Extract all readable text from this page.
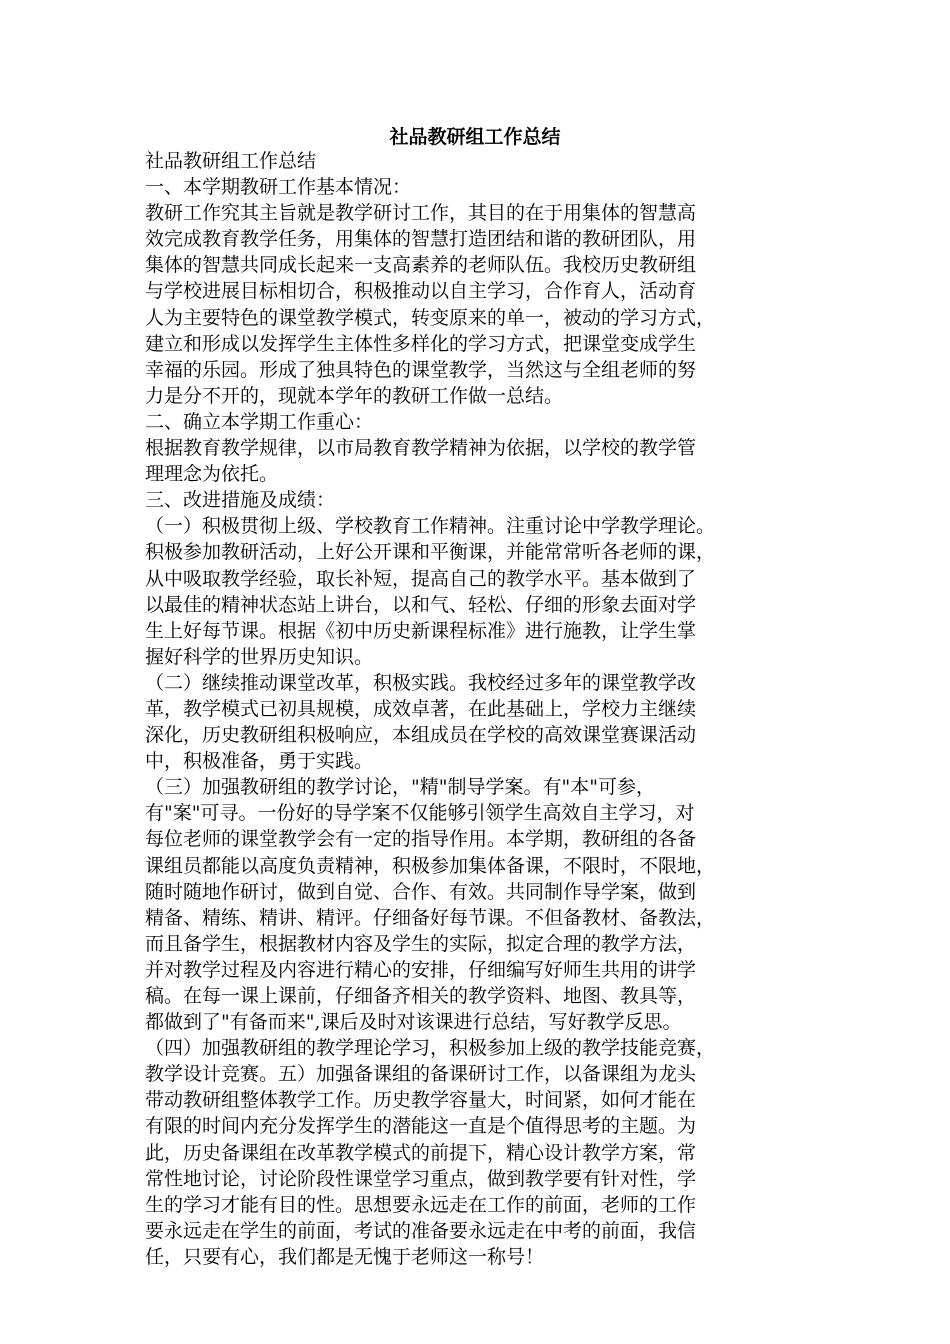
社品教研组工作总结
社品教研组工作总结
一、本学期教研工作基本情况：
教研工作究其主旨就是教学研讨工作，其目的在于用集体的智慧高
效完成教育教学任务，用集体的智慧打造团结和谐的教研团队，用
集体的智慧共同成长起来一支高素养的老师队伍。我校历史教研组
与学校进展目标相切合，积极推动以自主学习，合作育人，活动育
人为主要特色的课堂教学模式，转变原来的单一，被动的学习方式，
建立和形成以发挥学生主体性多样化的学习方式，把课堂变成学生
幸福的乐园。形成了独具特色的课堂教学，当然这与全组老师的努
力是分不开的，现就本学年的教研工作做一总结。
二、确立本学期工作重心：
根据教育教学规律，以市局教育教学精神为依据，以学校的教学管
理理念为依托。
三、改进措施及成绩：
（一）积极贯彻上级、学校教育工作精神。注重讨论中学教学理论。
积极参加教研活动，上好公开课和平衡课，并能常常听各老师的课，
从中吸取教学经验，取长补短，提高自己的教学水平。基本做到了
以最佳的精神状态站上讲台，以和气、轻松、仔细的形象去面对学
生上好每节课。根据《初中历史新课程标准》进行施教，让学生掌
握好科学的世界历史知识。
（二）继续推动课堂改革，积极实践。我校经过多年的课堂教学改
革，教学模式已初具规模，成效卓著，在此基础上，学校力主继续
深化，历史教研组积极响应，本组成员在学校的高效课堂赛课活动
中，积极准备，勇于实践。
（三）加强教研组的教学讨论，"精"制导学案。有"本"可参，
有"案"可寻。一份好的导学案不仅能够引领学生高效自主学习，对
每位老师的课堂教学会有一定的指导作用。本学期，教研组的各备
课组员都能以高度负责精神，积极参加集体备课，不限时，不限地，
随时随地作研讨，做到自觉、合作、有效。共同制作导学案，做到
精备、精练、精讲、精评。仔细备好每节课。不但备教材、备教法，
而且备学生，根据教材内容及学生的实际，拟定合理的教学方法，
并对教学过程及内容进行精心的安排，仔细编写好师生共用的讲学
稿。在每一课上课前，仔细备齐相关的教学资料、地图、教具等，
都做到了"有备而来",课后及时对该课进行总结，写好教学反思。
（四）加强教研组的教学理论学习，积极参加上级的教学技能竞赛，
教学设计竞赛。五）加强备课组的备课研讨工作，以备课组为龙头
带动教研组整体教学工作。历史教学容量大，时间紧，如何才能在
有限的时间内充分发挥学生的潜能这一直是个值得思考的主题。为
此，历史备课组在改革教学模式的前提下，精心设计教学方案，常
常性地讨论，讨论阶段性课堂学习重点，做到教学要有针对性，学
生的学习才能有目的性。思想要永远走在工作的前面，老师的工作
要永远走在学生的前面，考试的准备要永远走在中考的前面，我信
任，只要有心，我们都是无愧于老师这一称号！
